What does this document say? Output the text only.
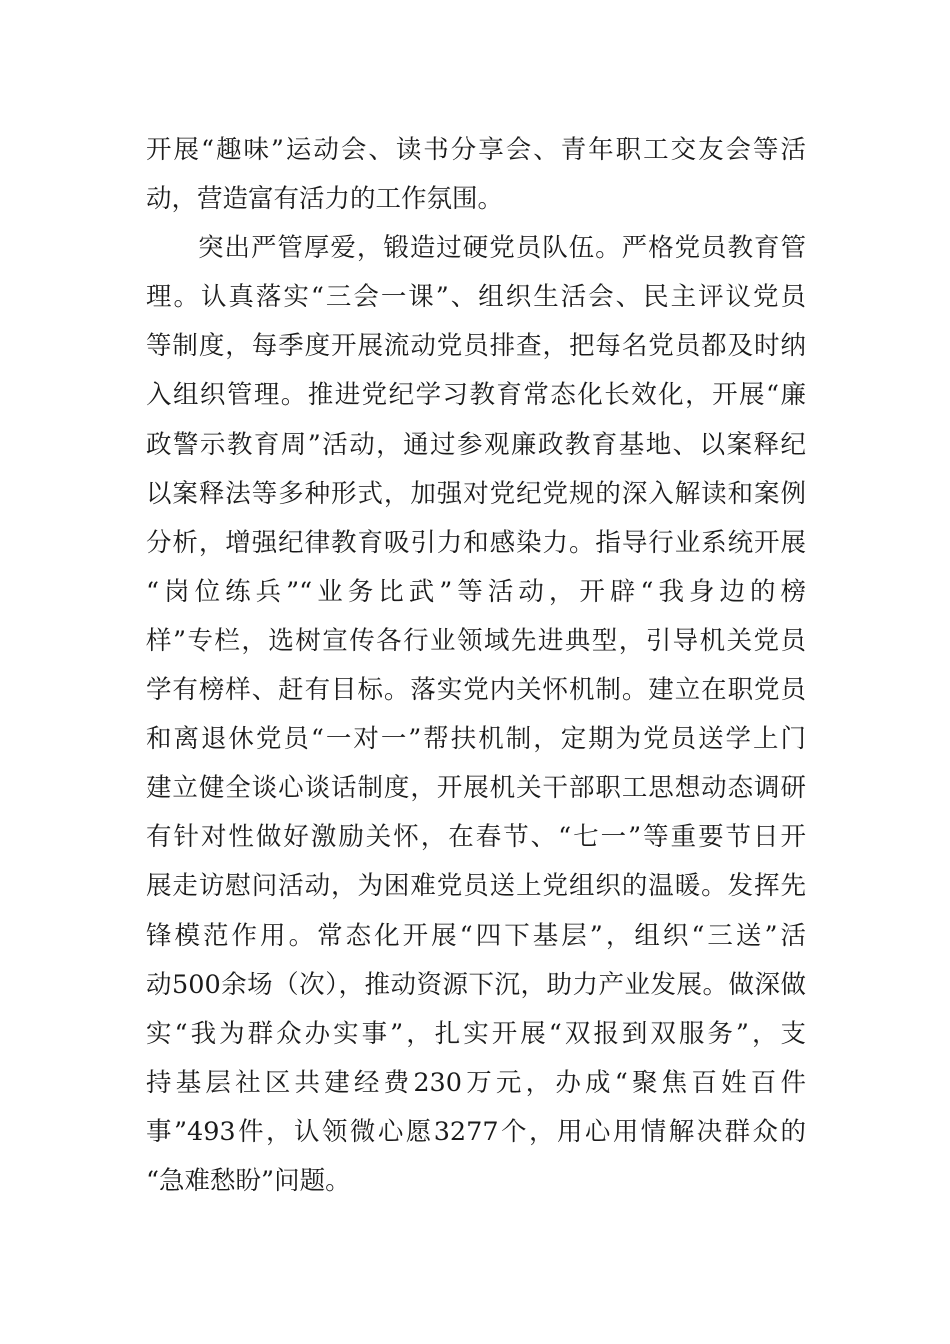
开展“趣味”运动会、读书分享会、青年职工交友会等活
动，营造富有活力的工作氛围。
突出严管厚爱，锻造过硬党员队伍。严格党员教育管
理。认真落实“三会一课”、组织生活会、民主评议党员
等制度，每季度开展流动党员排查，把每名党员都及时纳
入组织管理。推进党纪学习教育常态化长效化，开展“廉
政警示教育周”活动，通过参观廉政教育基地、以案释纪
以案释法等多种形式，加强对党纪党规的深入解读和案例
分析，增强纪律教育吸引力和感染力。指导行业系统开展
“岗位练兵”“业务比武”等活动，开辟“我身边的榜
样”专栏，选树宣传各行业领域先进典型，引导机关党员
学有榜样、赶有目标。落实党内关怀机制。建立在职党员
和离退休党员“一对一”帮扶机制，定期为党员送学上门
建立健全谈心谈话制度，开展机关干部职工思想动态调研
有针对性做好激励关怀，在春节、“七一”等重要节日开
展走访慰问活动，为困难党员送上党组织的温暖。发挥先
锋模范作用。常态化开展“四下基层”，组织“三送”活
动500余场（次），推动资源下沉，助力产业发展。做深做
实“我为群众办实事”，扎实开展“双报到双服务”，支
持基层社区共建经费230万元，办成“聚焦百姓百件
事”493件，认领微心愿3277个，用心用情解决群众的
“急难愁盼”问题。
